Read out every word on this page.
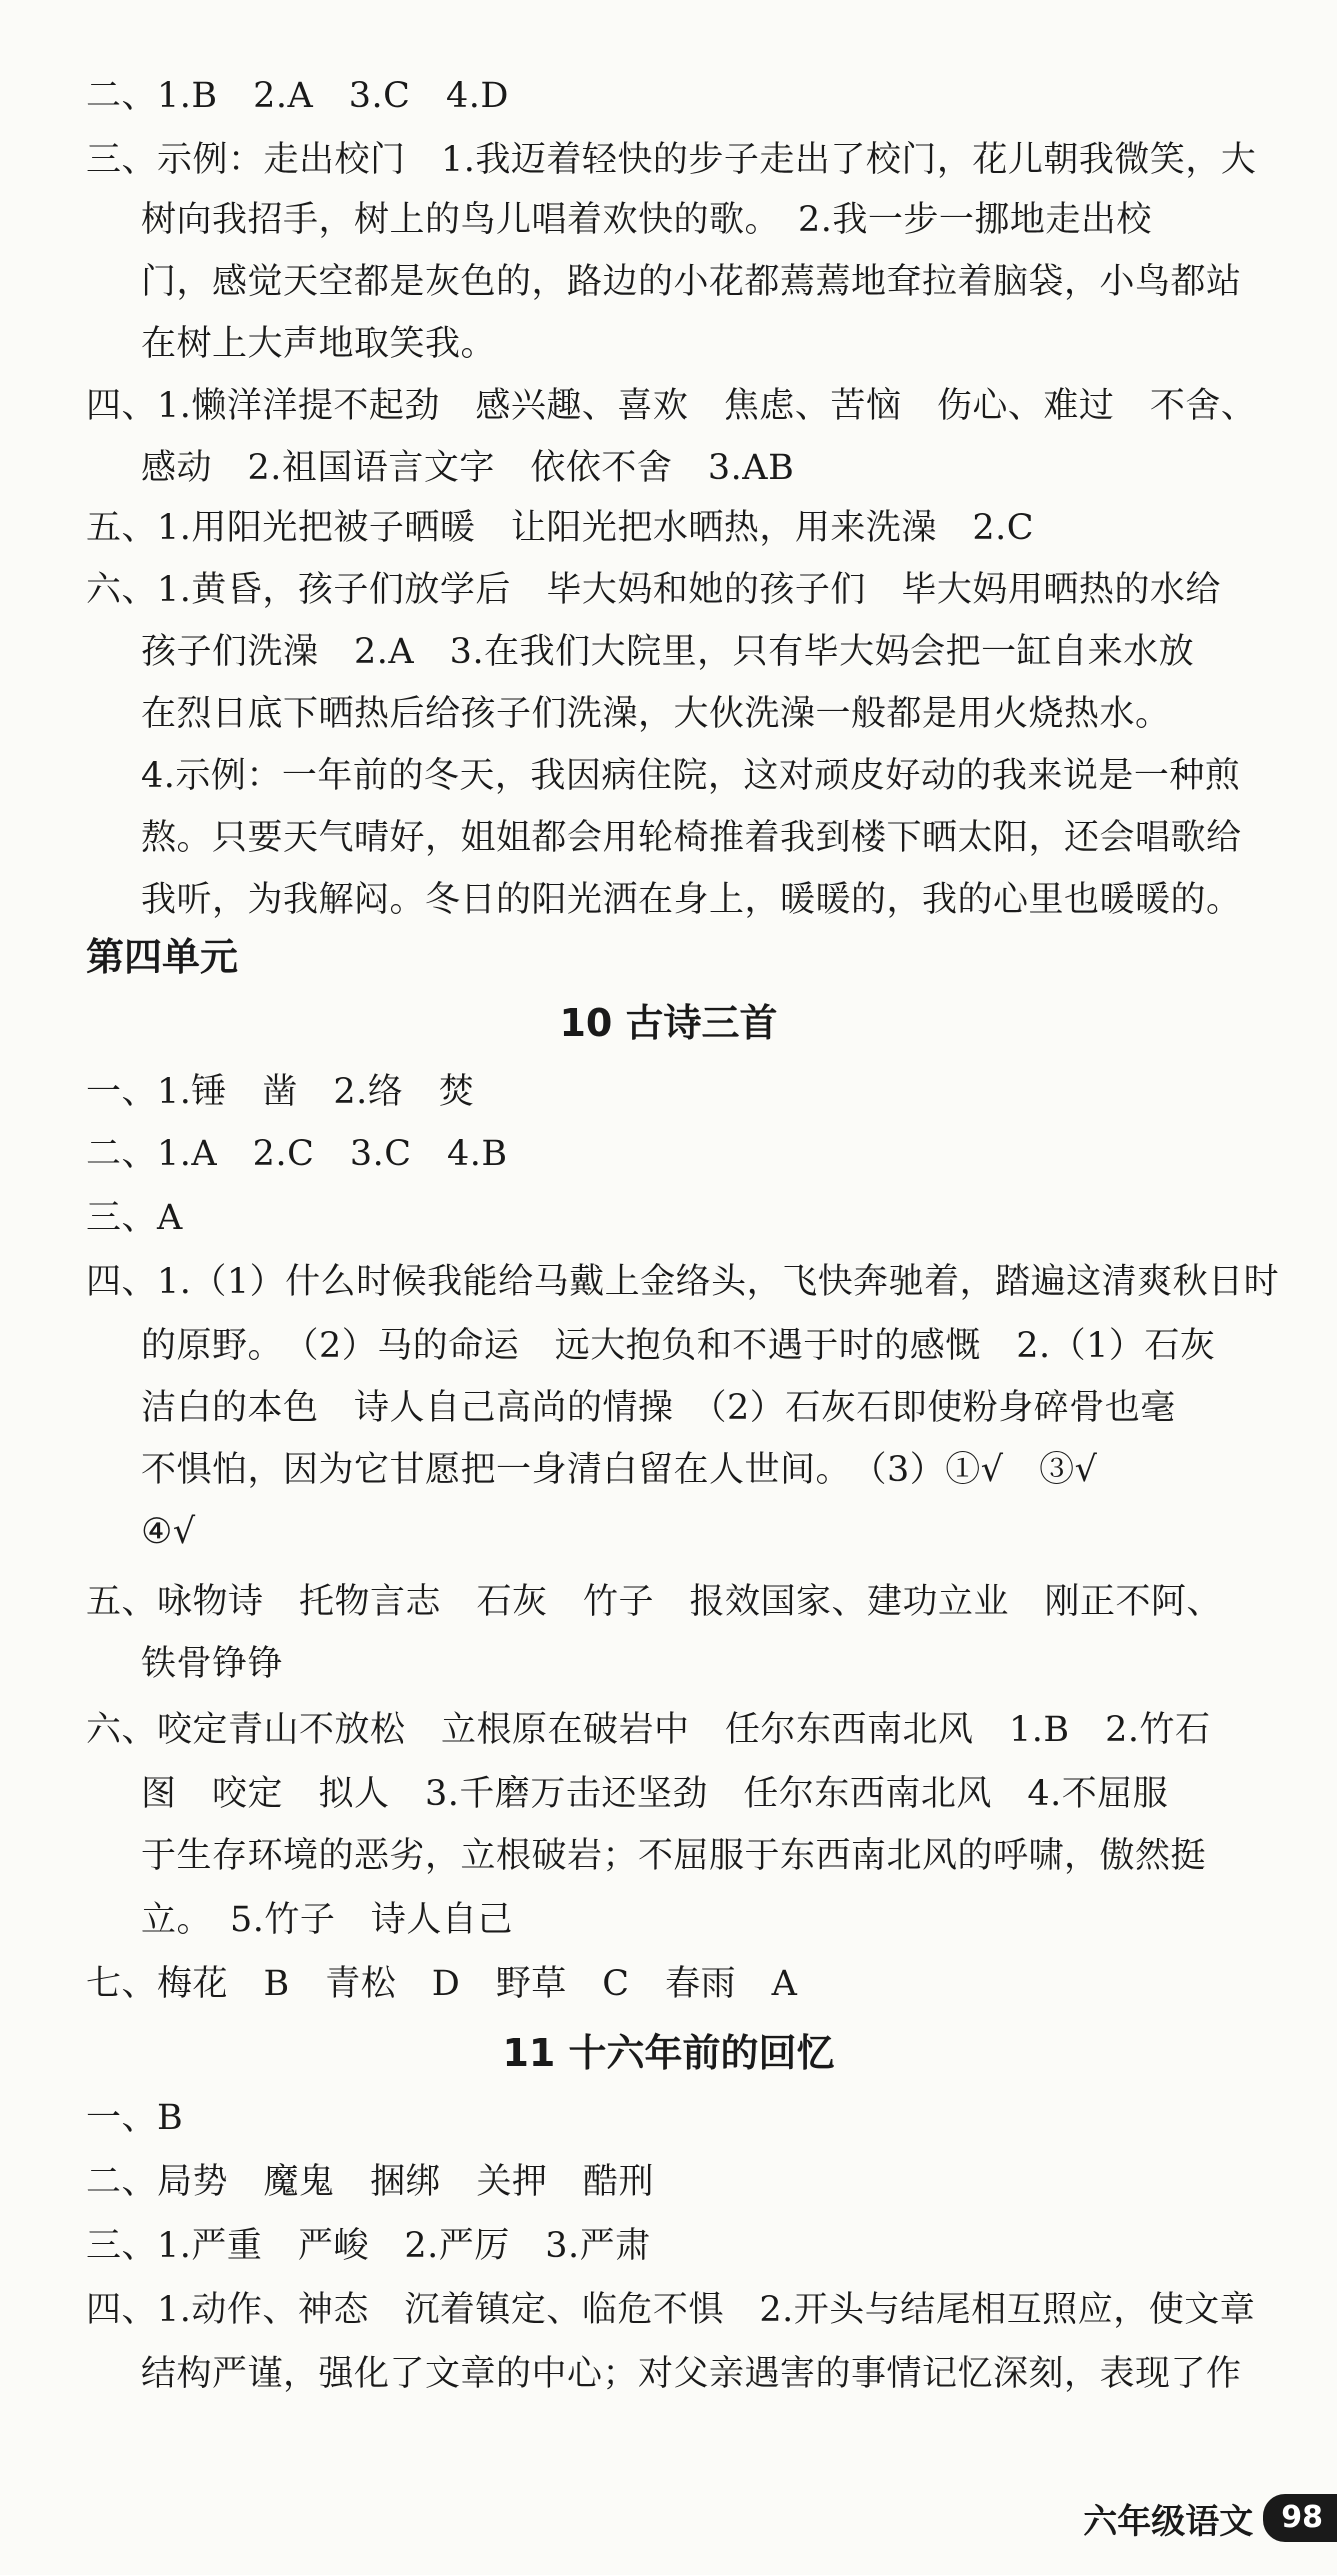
二、1.B　2.A　3.C　4.D
三、示例：走出校门　1.我迈着轻快的步子走出了校门，花儿朝我微笑，大
树向我招手，树上的鸟儿唱着欢快的歌。　2.我一步一挪地走出校
门，感觉天空都是灰色的，路边的小花都蔫蔫地耷拉着脑袋，小鸟都站
在树上大声地取笑我。
四、1.懒洋洋提不起劲　感兴趣、喜欢　焦虑、苦恼　伤心、难过　不舍、
感动　2.祖国语言文字　依依不舍　3.AB
五、1.用阳光把被子晒暖　让阳光把水晒热，用来洗澡　2.C
六、1.黄昏，孩子们放学后　毕大妈和她的孩子们　毕大妈用晒热的水给
孩子们洗澡　2.A　3.在我们大院里，只有毕大妈会把一缸自来水放
在烈日底下晒热后给孩子们洗澡，大伙洗澡一般都是用火烧热水。
4.示例：一年前的冬天，我因病住院，这对顽皮好动的我来说是一种煎
熬。只要天气晴好，姐姐都会用轮椅推着我到楼下晒太阳，还会唱歌给
我听，为我解闷。冬日的阳光洒在身上，暖暖的，我的心里也暖暖的。
第四单元
10 古诗三首
一、1.锤　凿　2.络　焚
二、1.A　2.C　3.C　4.B
三、A
四、1.（1）什么时候我能给马戴上金络头，飞快奔驰着，踏遍这清爽秋日时
的原野。　（2）马的命运　远大抱负和不遇于时的感慨　2.（1）石灰
洁白的本色　诗人自己高尚的情操　（2）石灰石即使粉身碎骨也毫
不惧怕，因为它甘愿把一身清白留在人世间。　（3）①√　③√
④√
五、咏物诗　托物言志　石灰　竹子　报效国家、建功立业　刚正不阿、
铁骨铮铮
六、咬定青山不放松　立根原在破岩中　任尔东西南北风　1.B　2.竹石
图　咬定　拟人　3.千磨万击还坚劲　任尔东西南北风　4.不屈服
于生存环境的恶劣，立根破岩；不屈服于东西南北风的呼啸，傲然挺
立。　5.竹子　诗人自己
七、梅花　B　青松　D　野草　C　春雨　A
11 十六年前的回忆
一、B
二、局势　魔鬼　捆绑　关押　酷刑
三、1.严重　严峻　2.严厉　3.严肃
四、1.动作、神态　沉着镇定、临危不惧　2.开头与结尾相互照应，使文章
结构严谨，强化了文章的中心；对父亲遇害的事情记忆深刻，表现了作
六年级语文 98
